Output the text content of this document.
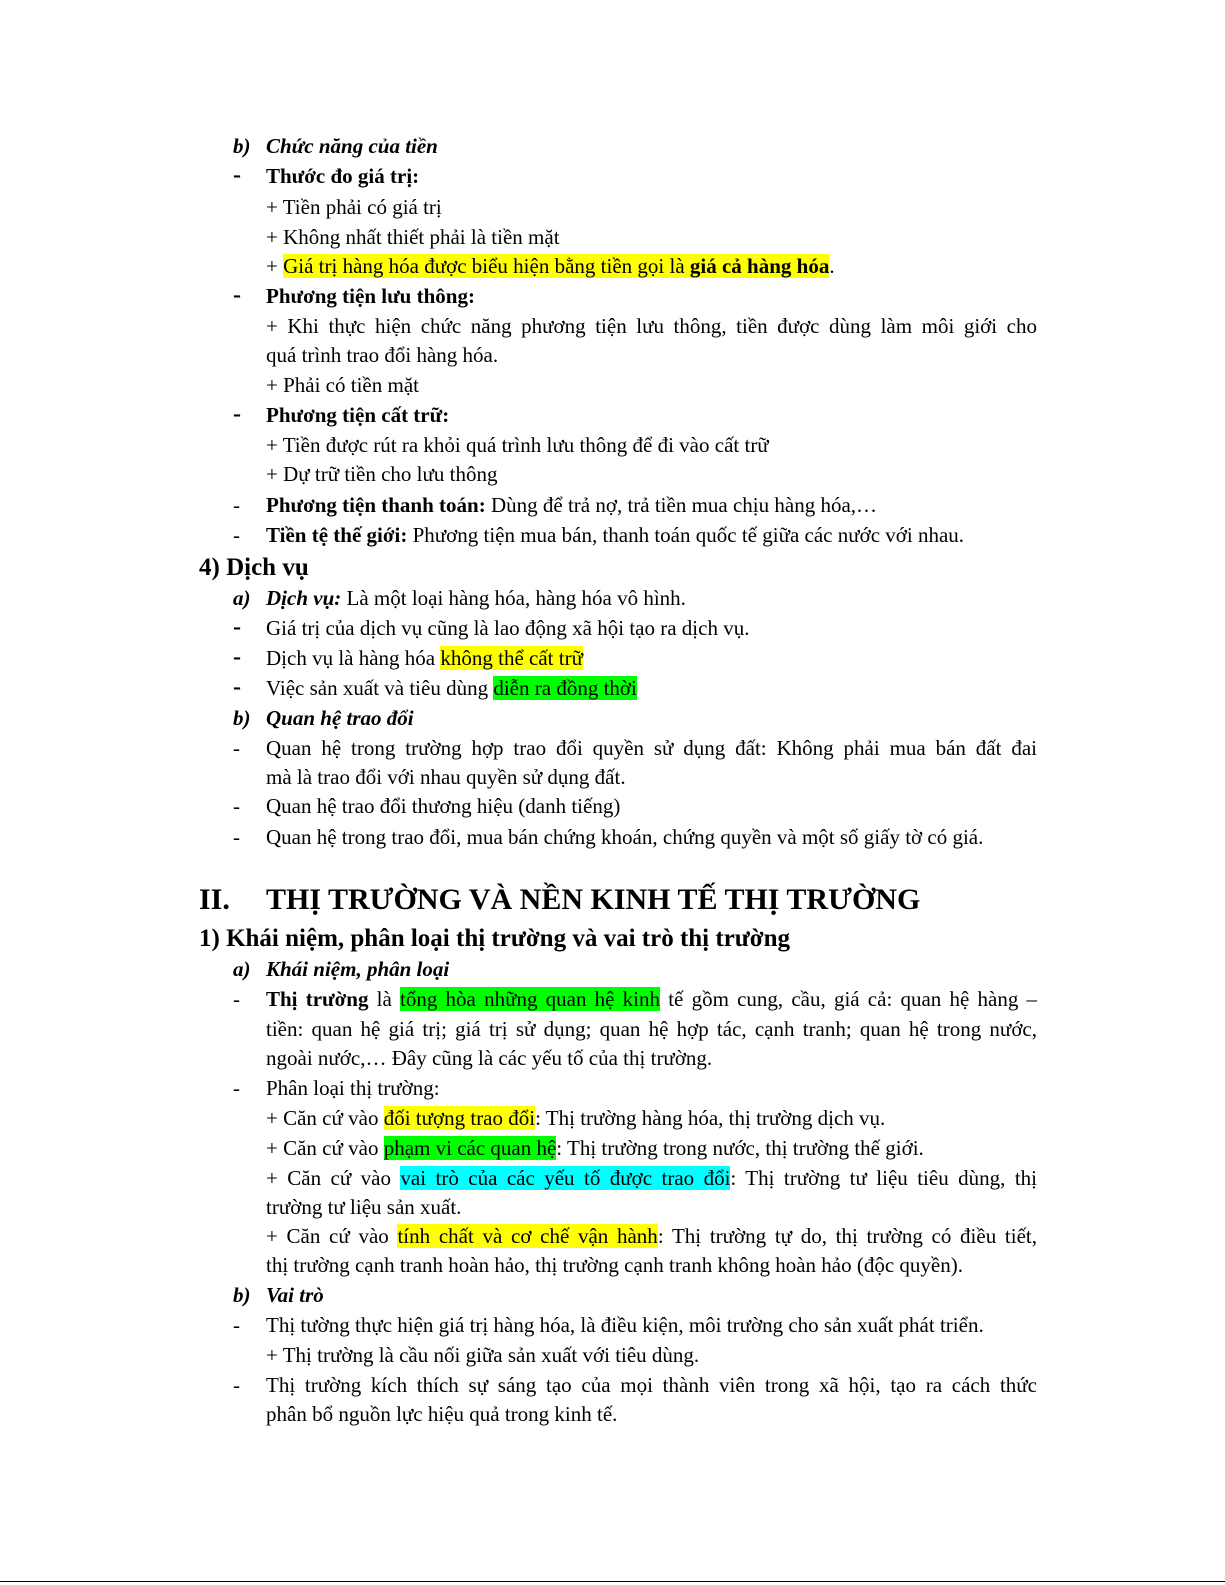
b) Chức năng của tiền
- Thước đo giá trị:
+ Tiền phải có giá trị
+ Không nhất thiết phải là tiền mặt
+ Giá trị hàng hóa được biểu hiện bằng tiền gọi là giá cả hàng hóa.
- Phương tiện lưu thông:
+ Khi thực hiện chức năng phương tiện lưu thông, tiền được dùng làm môi giới cho
quá trình trao đổi hàng hóa.
+ Phải có tiền mặt
- Phương tiện cất trữ:
+ Tiền được rút ra khỏi quá trình lưu thông để đi vào cất trữ
+ Dự trữ tiền cho lưu thông
- Phương tiện thanh toán: Dùng để trả nợ, trả tiền mua chịu hàng hóa,…
- Tiền tệ thế giới: Phương tiện mua bán, thanh toán quốc tế giữa các nước với nhau.
4) Dịch vụ
a) Dịch vụ: Là một loại hàng hóa, hàng hóa vô hình.
- Giá trị của dịch vụ cũng là lao động xã hội tạo ra dịch vụ.
- Dịch vụ là hàng hóa không thể cất trữ
- Việc sản xuất và tiêu dùng diễn ra đồng thời
b) Quan hệ trao đổi
- Quan hệ trong trường hợp trao đổi quyền sử dụng đất: Không phải mua bán đất đai
mà là trao đổi với nhau quyền sử dụng đất.
- Quan hệ trao đổi thương hiệu (danh tiếng)
- Quan hệ trong trao đổi, mua bán chứng khoán, chứng quyền và một số giấy tờ có giá.
II. THỊ TRƯỜNG VÀ NỀN KINH TẾ THỊ TRƯỜNG
1) Khái niệm, phân loại thị trường và vai trò thị trường
a) Khái niệm, phân loại
- Thị trường là tổng hòa những quan hệ kinh tế gồm cung, cầu, giá cả: quan hệ hàng –
tiền: quan hệ giá trị; giá trị sử dụng; quan hệ hợp tác, cạnh tranh; quan hệ trong nước,
ngoài nước,… Đây cũng là các yếu tố của thị trường.
- Phân loại thị trường:
+ Căn cứ vào đối tượng trao đổi: Thị trường hàng hóa, thị trường dịch vụ.
+ Căn cứ vào phạm vi các quan hệ: Thị trường trong nước, thị trường thế giới.
+ Căn cứ vào vai trò của các yếu tố được trao đổi: Thị trường tư liệu tiêu dùng, thị
trường tư liệu sản xuất.
+ Căn cứ vào tính chất và cơ chế vận hành: Thị trường tự do, thị trường có điều tiết,
thị trường cạnh tranh hoàn hảo, thị trường cạnh tranh không hoàn hảo (độc quyền).
b) Vai trò
- Thị tường thực hiện giá trị hàng hóa, là điều kiện, môi trường cho sản xuất phát triển.
+ Thị trường là cầu nối giữa sản xuất với tiêu dùng.
- Thị trường kích thích sự sáng tạo của mọi thành viên trong xã hội, tạo ra cách thức
phân bổ nguồn lực hiệu quả trong kinh tế.
